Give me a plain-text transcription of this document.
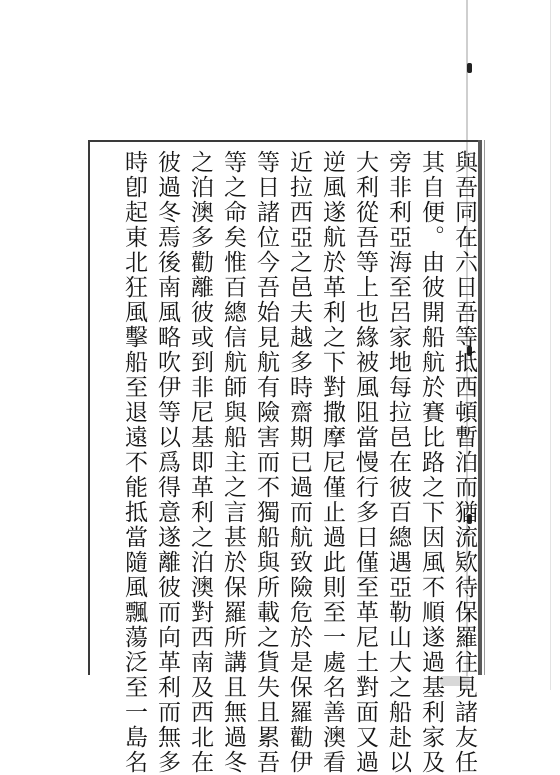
與吾同在六日吾等抵西頓暫泊而猶流欵待保羅往見諸友任
其自便。由彼開船航於賽比路之下因風不順遂過基利家及
旁非利亞海至呂家地每拉邑在彼百總遇亞勒山大之船赴以
大利從吾等上也緣被風阻當慢行多日僅至革尼土對面又過
逆風遂航於革利之下對撒摩尼僅止過此則至一處名善澳看
近拉西亞之邑夫越多時齋期已過而航致險危於是保羅勸伊
等日諸位今吾始見航有險害而不獨船與所載之貨失且累吾
等之命矣惟百總信航師與船主之言甚於保羅所講且無過冬
之泊澳多勸離彼或到非尼基即革利之泊澳對西南及西北在
彼過冬焉後南風略吹伊等以爲得意遂離彼而向革利而無多
時卽起東北狂風擊船至退遠不能抵當隨風飄蕩泛至一島名
